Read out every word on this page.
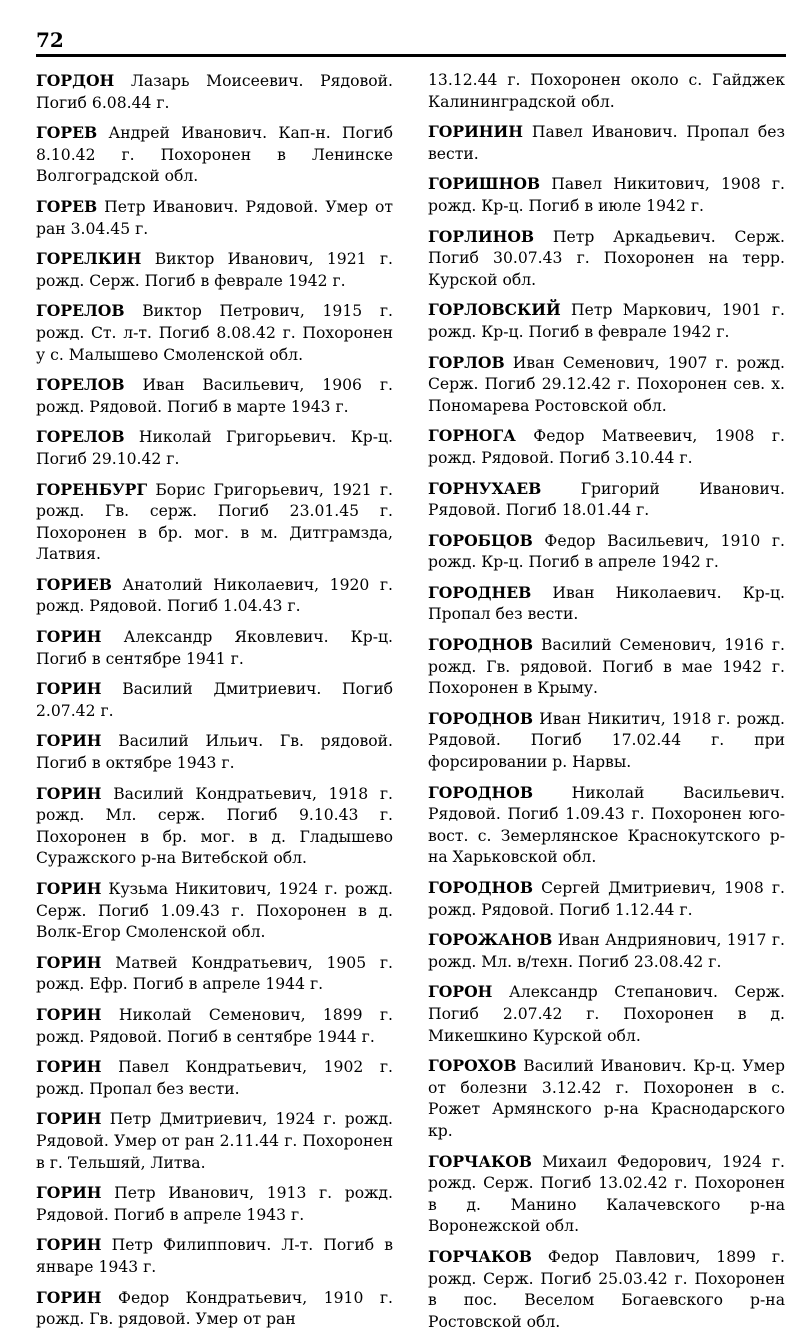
72

ГОРДОН Лазарь Моисеевич. Рядовой. Погиб 6.08.44 г.

ГОРЕВ Андрей Иванович. Кап-н. Погиб 8.10.42 г. Похоронен в Ленинске Волгоградской обл.

ГОРЕВ Петр Иванович. Рядовой. Умер от ран 3.04.45 г.

ГОРЕЛКИН Виктор Иванович, 1921 г. рожд. Серж. Погиб в феврале 1942 г.

ГОРЕЛОВ Виктор Петрович, 1915 г. рожд. Ст. л-т. Погиб 8.08.42 г. Похоронен у с. Малышево Смоленской обл.

ГОРЕЛОВ Иван Васильевич, 1906 г. рожд. Рядовой. Погиб в марте 1943 г.

ГОРЕЛОВ Николай Григорьевич. Кр-ц. Погиб 29.10.42 г.

ГОРЕНБУРГ Борис Григорьевич, 1921 г. рожд. Гв. серж. Погиб 23.01.45 г. Похоронен в бр. мог. в м. Дитграмзда, Латвия.

ГОРИЕВ Анатолий Николаевич, 1920 г. рожд. Рядовой. Погиб 1.04.43 г.

ГОРИН Александр Яковлевич. Кр-ц. Погиб в сентябре 1941 г.

ГОРИН Василий Дмитриевич. Погиб 2.07.42 г.

ГОРИН Василий Ильич. Гв. рядовой. Погиб в октябре 1943 г.

ГОРИН Василий Кондратьевич, 1918 г. рожд. Мл. серж. Погиб 9.10.43 г. Похоронен в бр. мог. в д. Гладышево Суражского р-на Витебской обл.

ГОРИН Кузьма Никитович, 1924 г. рожд. Серж. Погиб 1.09.43 г. Похоронен в д. Волк-Егор Смоленской обл.

ГОРИН Матвей Кондратьевич, 1905 г. рожд. Ефр. Погиб в апреле 1944 г.

ГОРИН Николай Семенович, 1899 г. рожд. Рядовой. Погиб в сентябре 1944 г.

ГОРИН Павел Кондратьевич, 1902 г. рожд. Пропал без вести.

ГОРИН Петр Дмитриевич, 1924 г. рожд. Рядовой. Умер от ран 2.11.44 г. Похоронен в г. Тельшяй, Литва.

ГОРИН Петр Иванович, 1913 г. рожд. Рядовой. Погиб в апреле 1943 г.

ГОРИН Петр Филиппович. Л-т. Погиб в январе 1943 г.

ГОРИН Федор Кондратьевич, 1910 г. рожд. Гв. рядовой. Умер от ран

13.12.44 г. Похоронен около с. Гайджек Калининградской обл.

ГОРИНИН Павел Иванович. Пропал без вести.

ГОРИШНОВ Павел Никитович, 1908 г. рожд. Кр-ц. Погиб в июле 1942 г.

ГОРЛИНОВ Петр Аркадьевич. Серж. Погиб 30.07.43 г. Похоронен на терр. Курской обл.

ГОРЛОВСКИЙ Петр Маркович, 1901 г. рожд. Кр-ц. Погиб в феврале 1942 г.

ГОРЛОВ Иван Семенович, 1907 г. рожд. Серж. Погиб 29.12.42 г. Похоронен сев. х. Пономарева Ростовской обл.

ГОРНОГА Федор Матвеевич, 1908 г. рожд. Рядовой. Погиб 3.10.44 г.

ГОРНУХАЕВ	Григорий Иванович. Рядовой. Погиб 18.01.44 г.

ГОРОБЦОВ Федор Васильевич, 1910 г. рожд. Кр-ц. Погиб в апреле 1942 г.

ГОРОДНЕВ Иван Николаевич. Кр-ц. Пропал без вести.

ГОРОДНОВ Василий Семенович, 1916 г. рожд. Гв. рядовой. Погиб в мае 1942 г. Похоронен в Крыму.

ГОРОДНОВ Иван Никитич, 1918 г. рожд. Рядовой. Погиб 17.02.44 г. при форсировании р. Нарвы.

ГОРОДНОВ Николай Васильевич. Рядовой. Погиб 1.09.43 г. Похоронен юго-вост. с. Земерлянское Краснокутского р-на Харьковской обл.

ГОРОДНОВ Сергей Дмитриевич, 1908 г. рожд. Рядовой. Погиб 1.12.44 г.

ГОРОЖАНОВ Иван Андриянович, 1917 г. рожд. Мл. в/техн. Погиб 23.08.42 г.

ГОРОН Александр Степанович. Серж. Погиб 2.07.42 г. Похоронен в д. Микешкино Курской обл.

ГОРОХОВ Василий Иванович. Кр-ц. Умер от болезни 3.12.42 г. Похоронен в с. Рожет Армянского р-на Краснодарского кр.

ГОРЧАКОВ Михаил Федорович, 1924 г. рожд. Серж. Погиб 13.02.42 г. Похоронен в д. Манино Калачевского р-на Воронежской обл.

ГОРЧАКОВ Федор Павлович, 1899 г. рожд. Серж. Погиб 25.03.42 г. Похоронен в пос. Веселом Богаевского р-на Ростовской обл.
